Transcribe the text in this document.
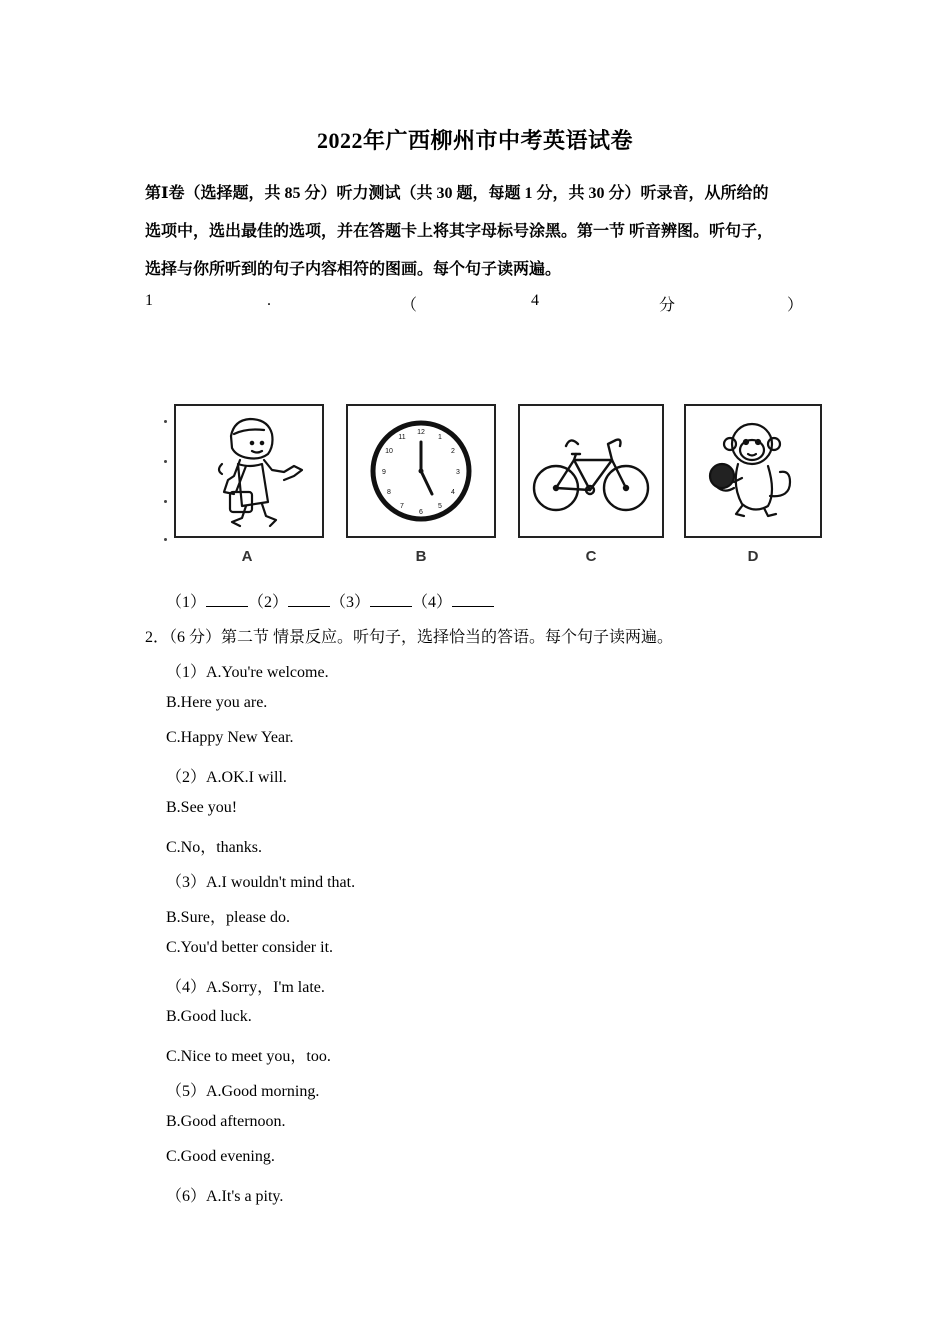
2022年广西柳州市中考英语试卷
第Ⅰ卷（选择题，共 85 分）听力测试（共 30 题，每题 1 分，共 30 分）听录音，从所给的
选项中，选出最佳的选项，并在答题卡上将其字母标号涂黑。第一节 听音辨图。听句子，
选择与你所听到的句子内容相符的图画。每个句子读两遍。
1	.	（	4	分	）
12
1
2
3
4
5
6
7
8
9
10
11
A	B	C	D
（1）	（2）	（3）	（4）
2．（6 分）第二节 情景反应。听句子，选择恰当的答语。每个句子读两遍。
（1）A.You're welcome.
B.Here you are.
C.Happy New Year.
（2）A.OK.I will.
B.See you!
C.No，thanks.
（3）A.I wouldn't mind that.
B.Sure，please do.
C.You'd better consider it.
（4）A.Sorry，I'm late.
B.Good luck.
C.Nice to meet you，too.
（5）A.Good morning.
B.Good afternoon.
C.Good evening.
（6）A.It's a pity.
